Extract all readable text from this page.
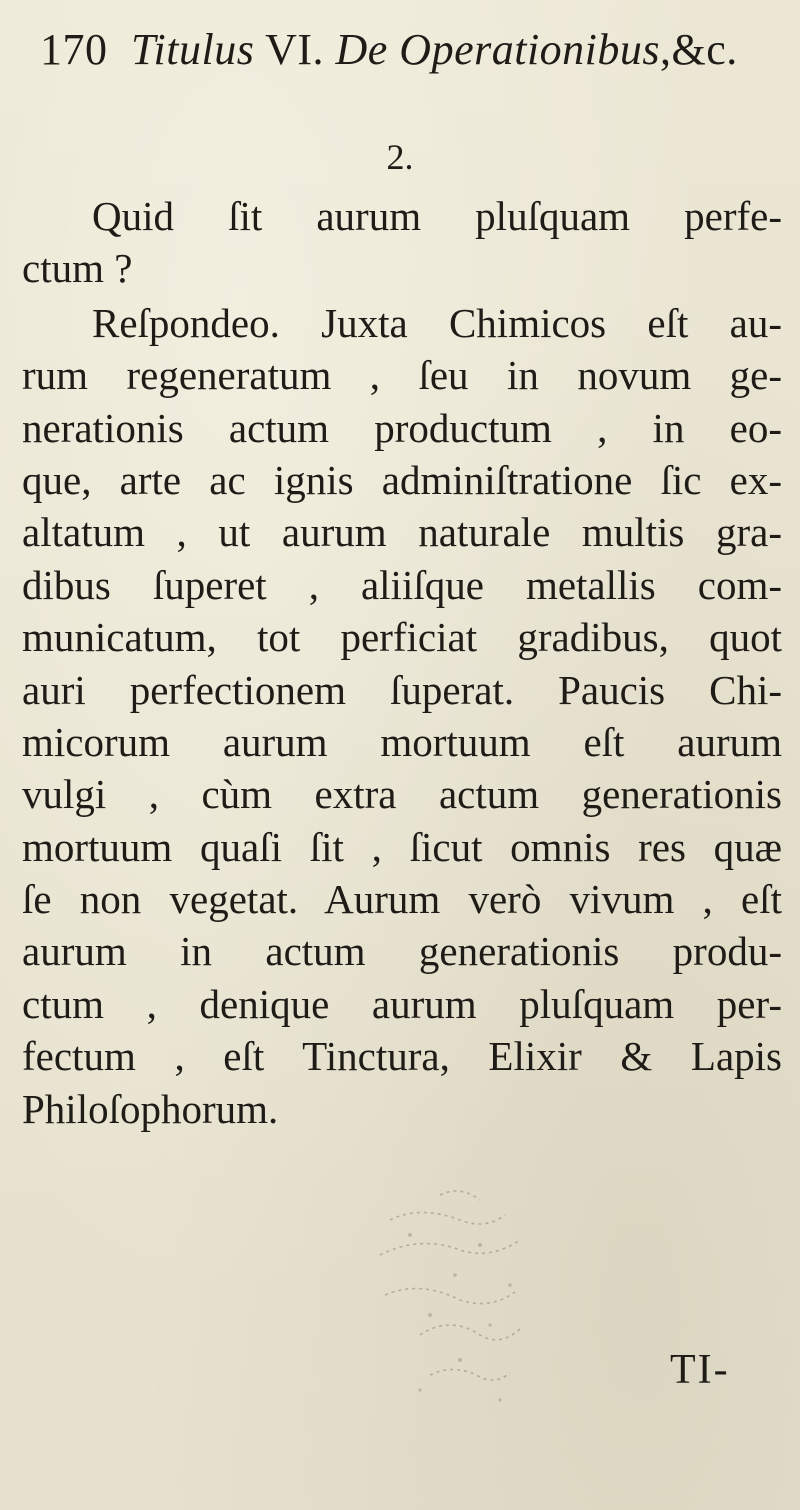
170 Titulus VI. De Operationibus,&c.
2.
Quid ſit aurum pluſquam perfe-
ctum ?
Reſpondeo. Juxta Chimicos eſt au-
rum regeneratum , ſeu in novum ge-
nerationis actum productum , in eo-
que, arte ac ignis adminiſtratione ſic ex-
altatum , ut aurum naturale multis gra-
dibus ſuperet , aliiſque metallis com-
municatum, tot perficiat gradibus, quot
auri perfectionem ſuperat. Paucis Chi-
micorum aurum mortuum eſt aurum
vulgi , cùm extra actum generationis
mortuum quaſi ſit , ſicut omnis res quæ
ſe non vegetat. Aurum verò vivum , eſt
aurum in actum generationis produ-
ctum , denique aurum pluſquam per-
fectum , eſt Tinctura, Elixir & Lapis
Philoſophorum.
TI-
